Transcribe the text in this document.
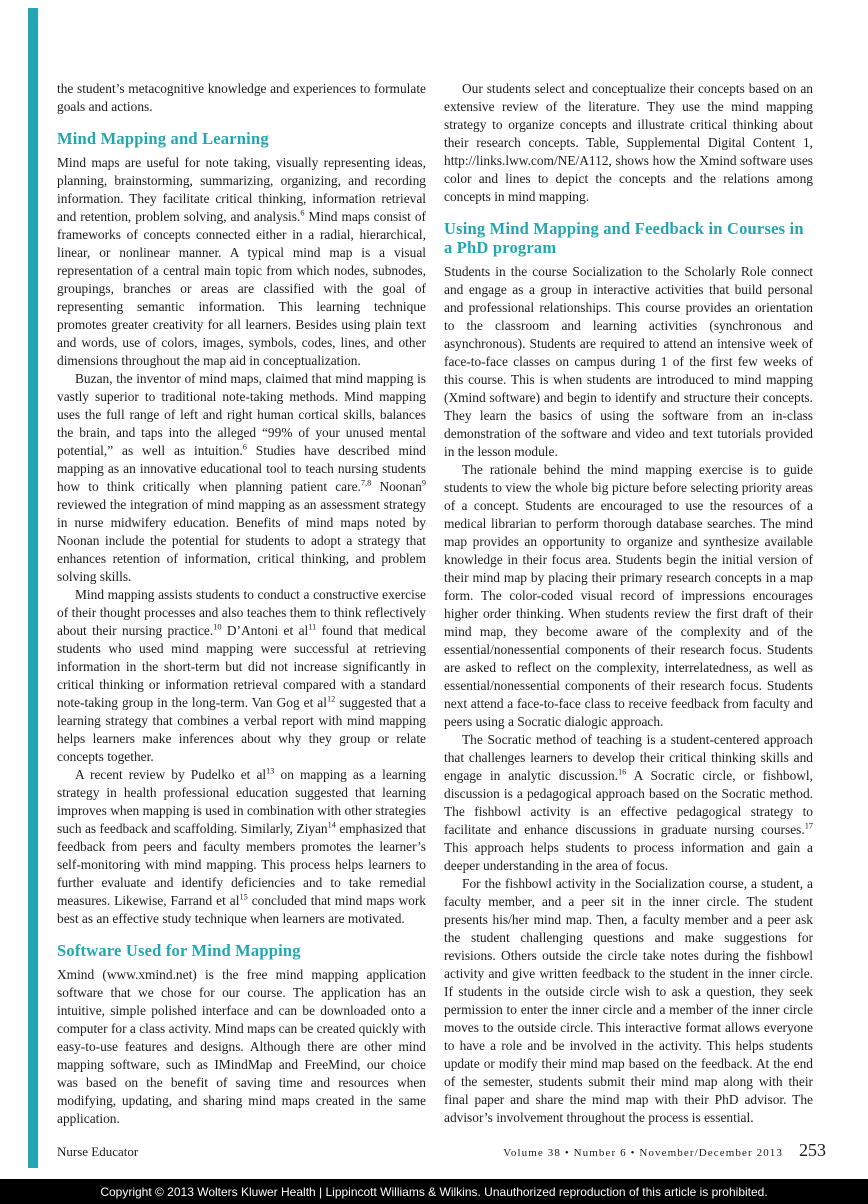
the student’s metacognitive knowledge and experiences to formulate goals and actions.

Mind Mapping and Learning

Mind maps are useful for note taking, visually representing ideas, planning, brainstorming, summarizing, organizing, and recording information. They facilitate critical thinking, information retrieval and retention, problem solving, and analysis.$^6$ Mind maps consist of frameworks of concepts connected either in a radial, hierarchical, linear, or nonlinear manner. A typical mind map is a visual representation of a central main topic from which nodes, subnodes, groupings, branches or areas are classified with the goal of representing semantic information. This learning technique promotes greater creativity for all learners. Besides using plain text and words, use of colors, images, symbols, codes, lines, and other dimensions throughout the map aid in conceptualization.

Buzan, the inventor of mind maps, claimed that mind mapping is vastly superior to traditional note-taking methods. Mind mapping uses the full range of left and right human cortical skills, balances the brain, and taps into the alleged “99% of your unused mental potential,” as well as intuition.$^6$ Studies have described mind mapping as an innovative educational tool to teach nursing students how to think critically when planning patient care.$^{7,8}$ Noonan$^9$ reviewed the integration of mind mapping as an assessment strategy in nurse midwifery education. Benefits of mind maps noted by Noonan include the potential for students to adopt a strategy that enhances retention of information, critical thinking, and problem solving skills.

Mind mapping assists students to conduct a constructive exercise of their thought processes and also teaches them to think reflectively about their nursing practice.$^{10}$ D’Antoni et $al^{11}$ found that medical students who used mind mapping were successful at retrieving information in the short-term but did not increase significantly in critical thinking or information retrieval compared with a standard note-taking group in the long-term. Van Gog et $al^{12}$ suggested that a learning strategy that combines a verbal report with mind mapping helps learners make inferences about why they group or relate concepts together.

A recent review by Pudelko et $al^{13}$ on mapping as a learning strategy in health professional education suggested that learning improves when mapping is used in combination with other strategies such as feedback and scaffolding. Similarly, Ziyan$^{14}$ emphasized that feedback from peers and faculty members promotes the learner’s self-monitoring with mind mapping. This process helps learners to further evaluate and identify deficiencies and to take remedial measures. Likewise, Farrand et $al^{15}$ concluded that mind maps work best as an effective study technique when learners are motivated.

Software Used for Mind Mapping

Xmind (www.xmind.net) is the free mind mapping application software that we chose for our course. The application has an intuitive, simple polished interface and can be downloaded onto a computer for a class activity. Mind maps can be created quickly with easy-to-use features and designs. Although there are other mind mapping software, such as IMindMap and FreeMind, our choice was based on the benefit of saving time and resources when modifying, updating, and sharing mind maps created in the same application.

Our students select and conceptualize their concepts based on an extensive review of the literature. They use the mind mapping strategy to organize concepts and illustrate critical thinking about their research concepts. Table, Supplemental Digital Content 1, http://links.lww.com/NE/A112, shows how the Xmind software uses color and lines to depict the concepts and the relations among concepts in mind mapping.

Using Mind Mapping and Feedback in Courses in a PhD program

Students in the course Socialization to the Scholarly Role connect and engage as a group in interactive activities that build personal and professional relationships. This course provides an orientation to the classroom and learning activities (synchronous and asynchronous). Students are required to attend an intensive week of face-to-face classes on campus during 1 of the first few weeks of this course. This is when students are introduced to mind mapping (Xmind software) and begin to identify and structure their concepts. They learn the basics of using the software from an in-class demonstration of the software and video and text tutorials provided in the lesson module.

The rationale behind the mind mapping exercise is to guide students to view the whole big picture before selecting priority areas of a concept. Students are encouraged to use the resources of a medical librarian to perform thorough database searches. The mind map provides an opportunity to organize and synthesize available knowledge in their focus area. Students begin the initial version of their mind map by placing their primary research concepts in a map form. The color-coded visual record of impressions encourages higher order thinking. When students review the first draft of their mind map, they become aware of the complexity and of the essential/nonessential components of their research focus. Students are asked to reflect on the complexity, interrelatedness, as well as essential/nonessential components of their research focus. Students next attend a face-to-face class to receive feedback from faculty and peers using a Socratic dialogic approach.

The Socratic method of teaching is a student-centered approach that challenges learners to develop their critical thinking skills and engage in analytic discussion.$^{16}$ A Socratic circle, or fishbowl, discussion is a pedagogical approach based on the Socratic method. The fishbowl activity is an effective pedagogical strategy to facilitate and enhance discussions in graduate nursing courses.$^{17}$ This approach helps students to process information and gain a deeper understanding in the area of focus.

For the fishbowl activity in the Socialization course, a student, a faculty member, and a peer sit in the inner circle. The student presents his/her mind map. Then, a faculty member and a peer ask the student challenging questions and make suggestions for revisions. Others outside the circle take notes during the fishbowl activity and give written feedback to the student in the inner circle. If students in the outside circle wish to ask a question, they seek permission to enter the inner circle and a member of the inner circle moves to the outside circle. This interactive format allows everyone to have a role and be involved in the activity. This helps students update or modify their mind map based on the feedback. At the end of the semester, students submit their mind map along with their final paper and share the mind map with their PhD advisor. The advisor’s involvement throughout the process is essential.

Nurse Educator	Volume 38 • Number 6 • November/December 2013 253
Copyright © 2013 Wolters Kluwer Health | Lippincott Williams & Wilkins. Unauthorized reproduction of this article is prohibited.
